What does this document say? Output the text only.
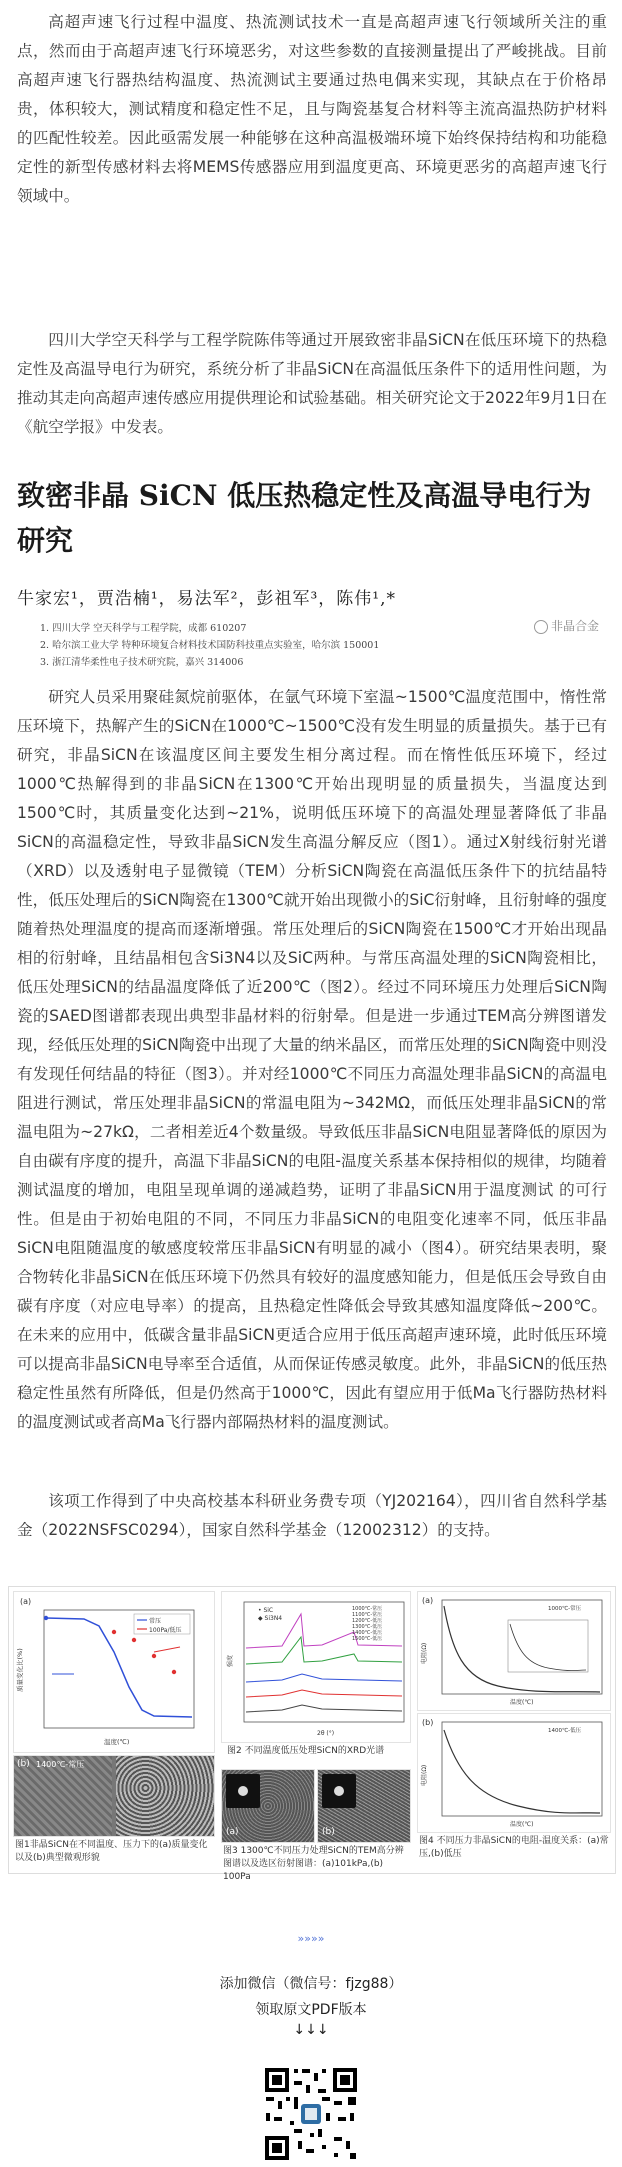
高超声速飞行过程中温度、热流测试技术一直是高超声速飞行领域所关注的重点，然而由于高超声速飞行环境恶劣，对这些参数的直接测量提出了严峻挑战。目前高超声速飞行器热结构温度、热流测试主要通过热电偶来实现，其缺点在于价格昂贵，体积较大，测试精度和稳定性不足，且与陶瓷基复合材料等主流高温热防护材料的匹配性较差。因此亟需发展一种能够在这种高温极端环境下始终保持结构和功能稳定性的新型传感材料去将MEMS传感器应用到温度更高、环境更恶劣的高超声速飞行领域中。

四川大学空天科学与工程学院陈伟等通过开展致密非晶SiCN在低压环境下的热稳定性及高温导电行为研究，系统分析了非晶SiCN在高温低压条件下的适用性问题，为推动其走向高超声速传感应用提供理论和试验基础。相关研究论文于2022年9月1日在《航空学报》中发表。

致密非晶 SiCN 低压热稳定性及高温导电行为研究
牛家宏¹，贾浩楠¹，易法军²，彭祖军³，陈伟¹,*
1. 四川大学 空天科学与工程学院，成都 610207
2. 哈尔滨工业大学 特种环境复合材料技术国防科技重点实验室，哈尔滨 150001
3. 浙江清华柔性电子技术研究院，嘉兴 314006
非晶合金

研究人员采用聚硅氮烷前驱体，在氩气环境下室温~1500℃温度范围中，惰性常压环境下，热解产生的SiCN在1000℃~1500℃没有发生明显的质量损失。基于已有研究，非晶SiCN在该温度区间主要发生相分离过程。而在惰性低压环境下，经过1000℃热解得到的非晶SiCN在1300℃开始出现明显的质量损失，当温度达到1500℃时，其质量变化达到~21%，说明低压环境下的高温处理显著降低了非晶SiCN的高温稳定性，导致非晶SiCN发生高温分解反应（图1）。通过X射线衍射光谱（XRD）以及透射电子显微镜（TEM）分析SiCN陶瓷在高温低压条件下的抗结晶特性，低压处理后的SiCN陶瓷在1300℃就开始出现微小的SiC衍射峰，且衍射峰的强度随着热处理温度的提高而逐渐增强。常压处理后的SiCN陶瓷在1500℃才开始出现晶相的衍射峰，且结晶相包含Si3N4以及SiC两种。与常压高温处理的SiCN陶瓷相比，低压处理SiCN的结晶温度降低了近200℃（图2）。经过不同环境压力处理后SiCN陶瓷的SAED图谱都表现出典型非晶材料的衍射晕。但是进一步通过TEM高分辨图谱发现，经低压处理的SiCN陶瓷中出现了大量的纳米晶区，而常压处理的SiCN陶瓷中则没有发现任何结晶的特征（图3）。并对经1000℃不同压力高温处理非晶SiCN的高温电阻进行测试，常压处理非晶SiCN的常温电阻为~342MΩ，而低压处理非晶SiCN的常温电阻为~27kΩ，二者相差近4个数量级。导致低压非晶SiCN电阻显著降低的原因为自由碳有序度的提升，高温下非晶SiCN的电阻-温度关系基本保持相似的规律，均随着测试温度的增加，电阻呈现单调的递减趋势，证明了非晶SiCN用于温度测试 的可行性。但是由于初始电阻的不同，不同压力非晶SiCN的电阻变化速率不同，低压非晶SiCN电阻随温度的敏感度较常压非晶SiCN有明显的减小（图4）。研究结果表明，聚合物转化非晶SiCN在低压环境下仍然具有较好的温度感知能力，但是低压会导致自由碳有序度（对应电导率）的提高，且热稳定性降低会导致其感知温度降低~200℃。在未来的应用中，低碳含量非晶SiCN更适合应用于低压高超声速环境，此时低压环境可以提高非晶SiCN电导率至合适值，从而保证传感灵敏度。此外，非晶SiCN的低压热稳定性虽然有所降低，但是仍然高于1000℃，因此有望应用于低Ma飞行器防热材料的温度测试或者高Ma飞行器内部隔热材料的温度测试。

该项工作得到了中央高校基本科研业务费专项（YJ202164），四川省自然科学基金（2022NSFSC0294），国家自然科学基金（12002312）的支持。

(a)
常压
100Pa/低压
质量变化比(%)
温度(℃)
(b) 1400℃-常压
图1非晶SiCN在不同温度、压力下的(a)质量变化以及(b)典型微观形貌
• SiC
◆ Si3N4
1000℃-常压
1100℃-常压
1200℃-低压
1300℃-低压
1400℃-低压
1500℃-低压
强度
2θ (°)
图2 不同温度低压处理SiCN的XRD光谱
(a)	(b)
图3 1300℃不同压力处理SiCN的TEM高分辨图谱以及选区衍射图谱：(a)101kPa,(b) 100Pa
(a)
1000℃-常压
电阻(Ω)
温度(℃)
(b)
1400℃-低压
电阻(Ω)
温度(℃)
图4 不同压力非晶SiCN的电阻-温度关系：(a)常压,(b)低压
»»»»
添加微信（微信号：fjzg88）
领取原文PDF版本
↓↓↓
